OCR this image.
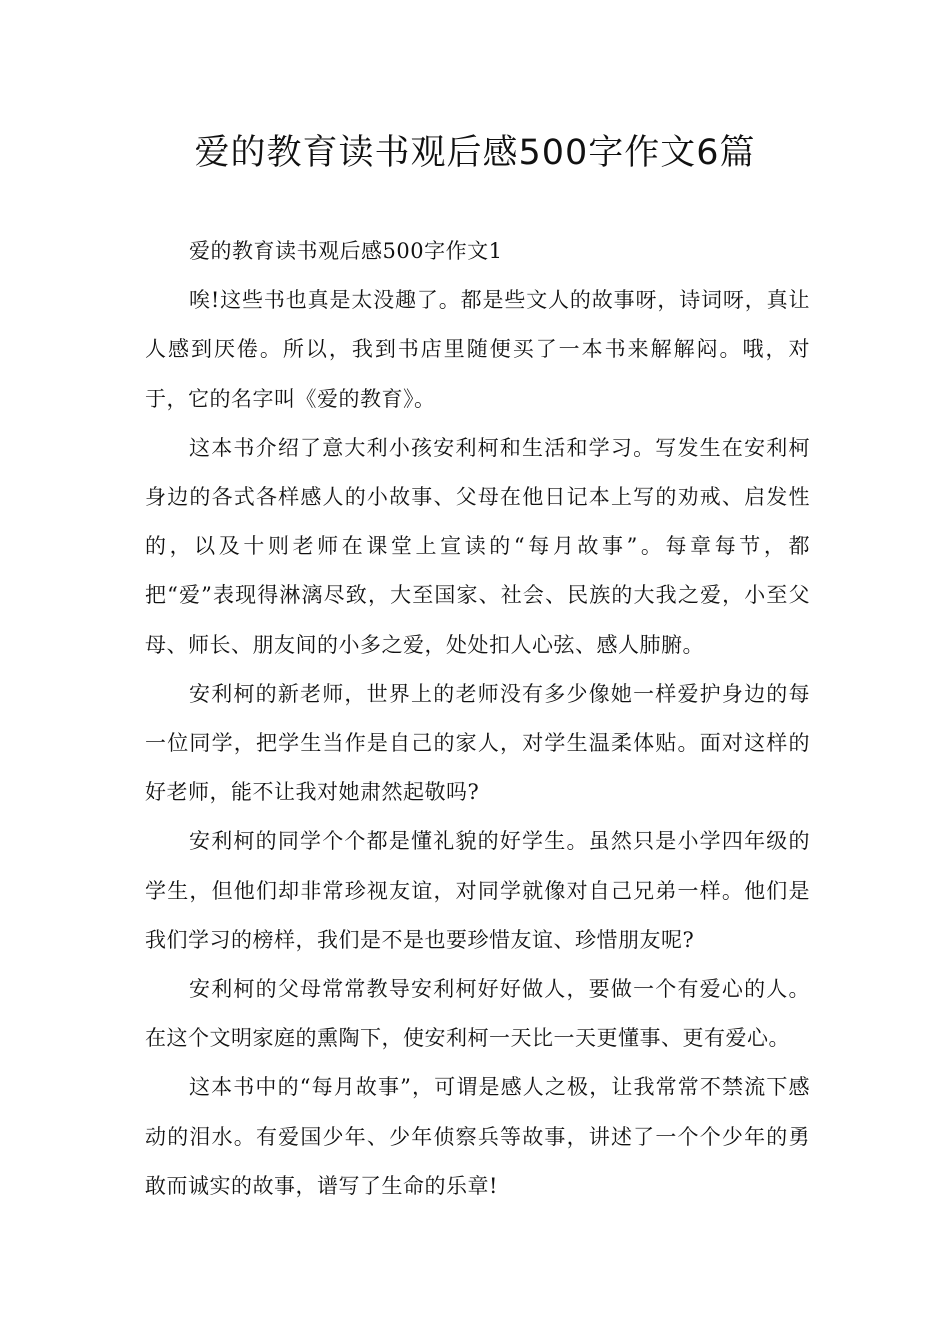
爱的教育读书观后感500字作文6篇

爱的教育读书观后感500字作文1

唉!这些书也真是太没趣了。都是些文人的故事呀，诗词呀，真让人感到厌倦。所以，我到书店里随便买了一本书来解解闷。哦，对于，它的名字叫《爱的教育》。

这本书介绍了意大利小孩安利柯和生活和学习。写发生在安利柯身边的各式各样感人的小故事、父母在他日记本上写的劝戒、启发性的，以及十则老师在课堂上宣读的“每月故事”。每章每节，都把“爱”表现得淋漓尽致，大至国家、社会、民族的大我之爱，小至父母、师长、朋友间的小多之爱，处处扣人心弦、感人肺腑。

安利柯的新老师，世界上的老师没有多少像她一样爱护身边的每一位同学，把学生当作是自己的家人，对学生温柔体贴。面对这样的好老师，能不让我对她肃然起敬吗?

安利柯的同学个个都是懂礼貌的好学生。虽然只是小学四年级的学生，但他们却非常珍视友谊，对同学就像对自己兄弟一样。他们是我们学习的榜样，我们是不是也要珍惜友谊、珍惜朋友呢?

安利柯的父母常常教导安利柯好好做人，要做一个有爱心的人。在这个文明家庭的熏陶下，使安利柯一天比一天更懂事、更有爱心。

这本书中的“每月故事”，可谓是感人之极，让我常常不禁流下感动的泪水。有爱国少年、少年侦察兵等故事，讲述了一个个少年的勇敢而诚实的故事，谱写了生命的乐章!
